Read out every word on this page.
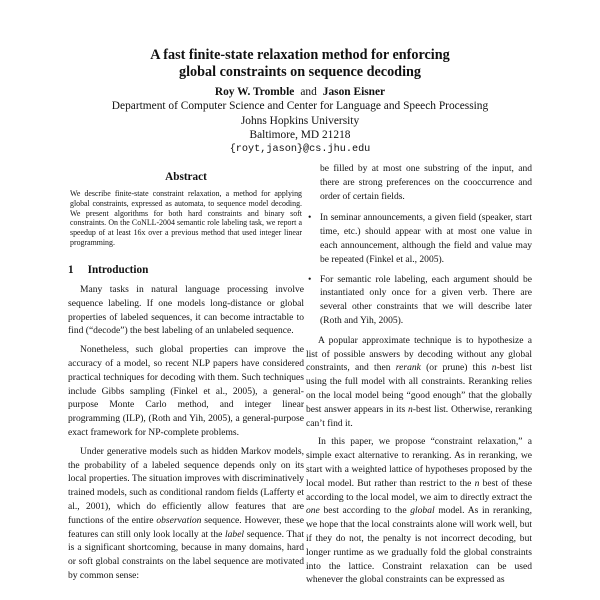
A fast finite-state relaxation method for enforcing
global constraints on sequence decoding
Roy W. Tromble and Jason Eisner
Department of Computer Science and Center for Language and Speech Processing
Johns Hopkins University
Baltimore, MD 21218
{royt,jason}@cs.jhu.edu
Abstract
We describe finite-state constraint relaxation, a method for applying global constraints, expressed as automata, to sequence model decoding. We present algorithms for both hard constraints and binary soft constraints. On the CoNLL-2004 semantic role labeling task, we report a speedup of at least 16x over a previous method that used integer linear programming.
1 Introduction

Many tasks in natural language processing involve sequence labeling. If one models long-distance or global properties of labeled sequences, it can become intractable to find (“decode”) the best labeling of an unlabeled sequence.

Nonetheless, such global properties can improve the accuracy of a model, so recent NLP papers have considered practical techniques for decoding with them. Such techniques include Gibbs sampling (Finkel et al., 2005), a general-purpose Monte Carlo method, and integer linear programming (ILP), (Roth and Yih, 2005), a general-purpose exact framework for NP-complete problems.

Under generative models such as hidden Markov models, the probability of a labeled sequence depends only on its local properties. The situation improves with discriminatively trained models, such as conditional random fields (Lafferty et al., 2001), which do efficiently allow features that are functions of the entire observation sequence. However, these features can still only look locally at the label sequence. That is a significant shortcoming, because in many domains, hard or soft global constraints on the label sequence are motivated by common sense:

be filled by at most one substring of the input, and there are strong preferences on the cooccurrence and order of certain fields.
• In seminar announcements, a given field (speaker, start time, etc.) should appear with at most one value in each announcement, although the field and value may be repeated (Finkel et al., 2005).
• For semantic role labeling, each argument should be instantiated only once for a given verb. There are several other constraints that we will describe later (Roth and Yih, 2005).

A popular approximate technique is to hypothesize a list of possible answers by decoding without any global constraints, and then rerank (or prune) this n-best list using the full model with all constraints. Reranking relies on the local model being “good enough” that the globally best answer appears in its n-best list. Otherwise, reranking can’t find it.

In this paper, we propose “constraint relaxation,” a simple exact alternative to reranking. As in reranking, we start with a weighted lattice of hypotheses proposed by the local model. But rather than restrict to the n best of these according to the local model, we aim to directly extract the one best according to the global model. As in reranking, we hope that the local constraints alone will work well, but if they do not, the penalty is not incorrect decoding, but longer runtime as we gradually fold the global constraints into the lattice. Constraint relaxation can be used whenever the global constraints can be expressed as
